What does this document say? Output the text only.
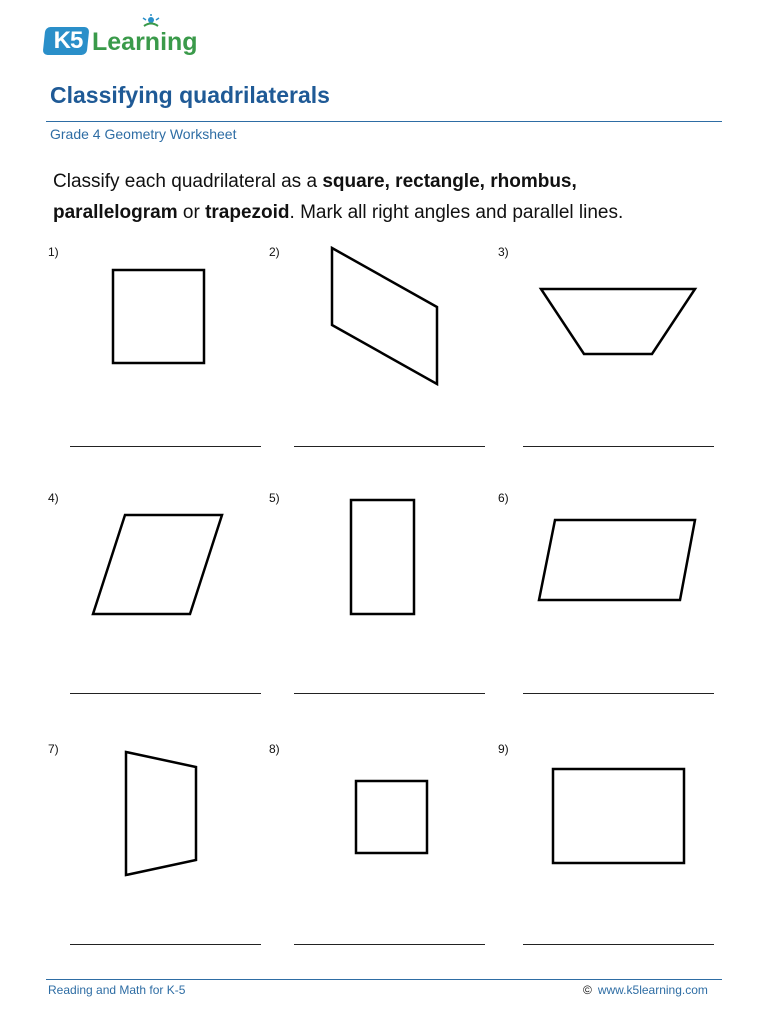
K5 Learning
Classifying quadrilaterals
Grade 4 Geometry Worksheet
Classify each quadrilateral as a square, rectangle, rhombus,
parallelogram or trapezoid. Mark all right angles and parallel lines.
1)	2)	3)
4)	5)	6)
7)	8)	9)
Reading and Math for K-5	© www.k5learning.com
